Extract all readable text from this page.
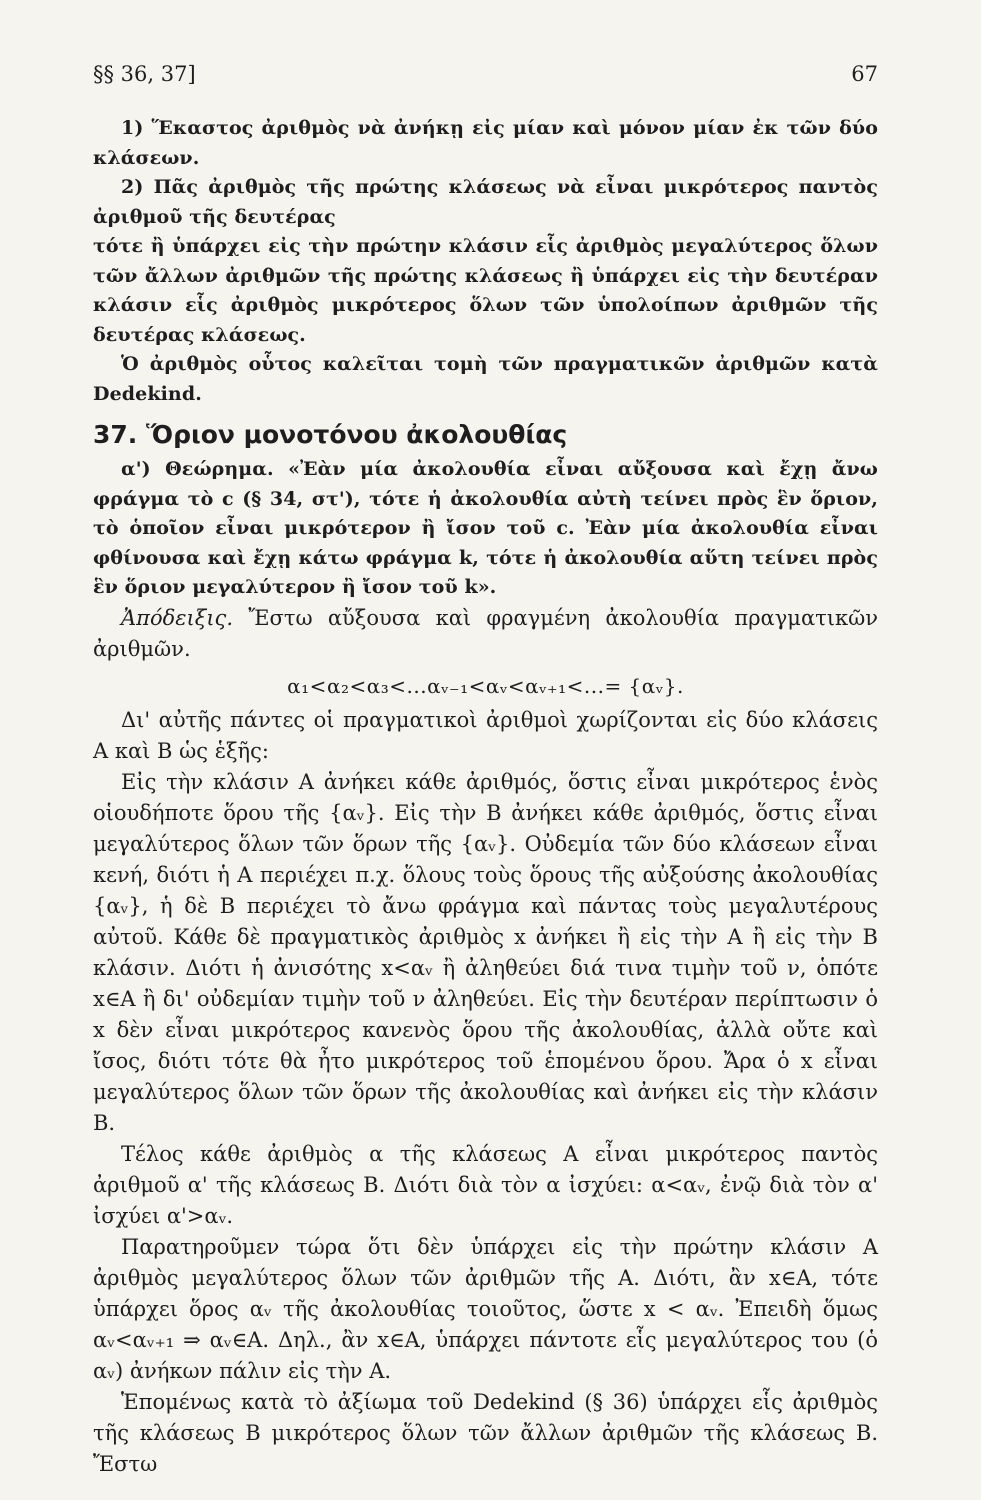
§§ 36, 37]	67

1) Ἕκαστος ἀριθμὸς νὰ ἀνήκῃ εἰς μίαν καὶ μόνον μίαν ἐκ τῶν δύο κλάσεων.

2) Πᾶς ἀριθμὸς τῆς πρώτης κλάσεως νὰ εἶναι μικρότερος παντὸς ἀριθμοῦ τῆς δευτέρας

τότε ἢ ὑπάρχει εἰς τὴν πρώτην κλάσιν εἷς ἀριθμὸς μεγαλύτερος ὅλων τῶν ἄλλων ἀριθμῶν τῆς πρώτης κλάσεως ἢ ὑπάρχει εἰς τὴν δευτέραν κλάσιν εἷς ἀριθμὸς μικρότερος ὅλων τῶν ὑπολοίπων ἀριθμῶν τῆς δευτέρας κλάσεως.

Ὁ ἀριθμὸς οὗτος καλεῖται τομὴ τῶν πραγματικῶν ἀριθμῶν κατὰ Dedekind.

37. Ὅριον μονοτόνου ἀκολουθίας

α') Θεώρημα. «Ἐὰν μία ἀκολουθία εἶναι αὔξουσα καὶ ἔχῃ ἄνω φράγμα τὸ c (§ 34, στ'), τότε ἡ ἀκολουθία αὐτὴ τείνει πρὸς ἓν ὅριον, τὸ ὁποῖον εἶναι μικρότερον ἢ ἴσον τοῦ c. Ἐὰν μία ἀκολουθία εἶναι φθίνουσα καὶ ἔχῃ κάτω φράγμα k, τότε ἡ ἀκολουθία αὕτη τείνει πρὸς ἓν ὅριον μεγαλύτερον ἢ ἴσον τοῦ k».

Ἀπόδειξις. Ἔστω αὔξουσα καὶ φραγμένη ἀκολουθία πραγματικῶν ἀριθμῶν.

α₁<α₂<α₃<...αᵥ₋₁<αᵥ<αᵥ₊₁<...= {αᵥ}.

Δι' αὐτῆς πάντες οἱ πραγματικοὶ ἀριθμοὶ χωρίζονται εἰς δύο κλάσεις Α καὶ Β ὡς ἑξῆς:

Εἰς τὴν κλάσιν Α ἀνήκει κάθε ἀριθμός, ὅστις εἶναι μικρότερος ἑνὸς οἱουδήποτε ὅρου τῆς {αᵥ}. Εἰς τὴν Β ἀνήκει κάθε ἀριθμός, ὅστις εἶναι μεγαλύτερος ὅλων τῶν ὅρων τῆς {αᵥ}. Οὐδεμία τῶν δύο κλάσεων εἶναι κενή, διότι ἡ Α περιέχει π.χ. ὅλους τοὺς ὅρους τῆς αὐξούσης ἀκολουθίας {αᵥ}, ἡ δὲ Β περιέχει τὸ ἄνω φράγμα καὶ πάντας τοὺς μεγαλυτέρους αὐτοῦ. Κάθε δὲ πραγματικὸς ἀριθμὸς x ἀνήκει ἢ εἰς τὴν Α ἢ εἰς τὴν Β κλάσιν. Διότι ἡ ἀνισότης x<αᵥ ἢ ἀληθεύει διά τινα τιμὴν τοῦ ν, ὁπότε x∈Α ἢ δι' οὐδεμίαν τιμὴν τοῦ ν ἀληθεύει. Εἰς τὴν δευτέραν περίπτωσιν ὁ x δὲν εἶναι μικρότερος κανενὸς ὅρου τῆς ἀκολουθίας, ἀλλὰ οὔτε καὶ ἴσος, διότι τότε θὰ ἦτο μικρότερος τοῦ ἑπομένου ὅρου. Ἄρα ὁ x εἶναι μεγαλύτερος ὅλων τῶν ὅρων τῆς ἀκολουθίας καὶ ἀνήκει εἰς τὴν κλάσιν Β.

Τέλος κάθε ἀριθμὸς α τῆς κλάσεως Α εἶναι μικρότερος παντὸς ἀριθμοῦ α' τῆς κλάσεως Β. Διότι διὰ τὸν α ἰσχύει: α<αᵥ, ἐνῷ διὰ τὸν α' ἰσχύει α'>αᵥ.

Παρατηροῦμεν τώρα ὅτι δὲν ὑπάρχει εἰς τὴν πρώτην κλάσιν Α ἀριθμὸς μεγαλύτερος ὅλων τῶν ἀριθμῶν τῆς Α. Διότι, ἂν x∈Α, τότε ὑπάρχει ὅρος αᵥ τῆς ἀκολουθίας τοιοῦτος, ὥστε x < αᵥ. Ἐπειδὴ ὅμως αᵥ<αᵥ₊₁ ⇒ αᵥ∈Α. Δηλ., ἂν x∈Α, ὑπάρχει πάντοτε εἷς μεγαλύτερος του (ὁ αᵥ) ἀνήκων πάλιν εἰς τὴν Α.

Ἑπομένως κατὰ τὸ ἀξίωμα τοῦ Dedekind (§ 36) ὑπάρχει εἷς ἀριθμὸς τῆς κλάσεως Β μικρότερος ὅλων τῶν ἄλλων ἀριθμῶν τῆς κλάσεως Β. Ἔστω
